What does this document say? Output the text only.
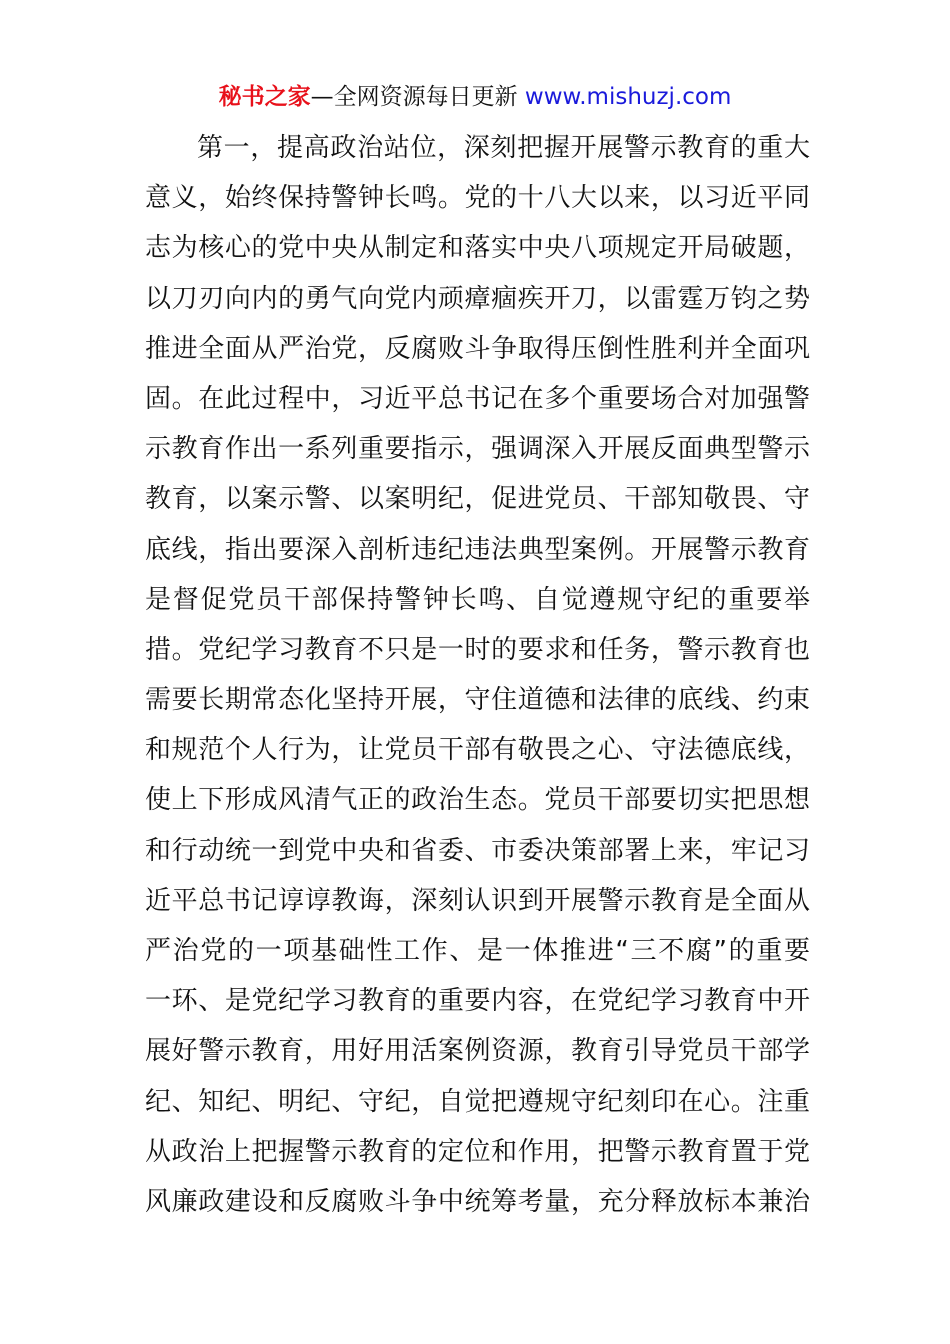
秘书之家—全网资源每日更新 www.mishuzj.com
第一，提高政治站位，深刻把握开展警示教育的重大
意义，始终保持警钟长鸣。党的十八大以来，以习近平同
志为核心的党中央从制定和落实中央八项规定开局破题，
以刀刃向内的勇气向党内顽瘴痼疾开刀，以雷霆万钧之势
推进全面从严治党，反腐败斗争取得压倒性胜利并全面巩
固。在此过程中，习近平总书记在多个重要场合对加强警
示教育作出一系列重要指示，强调深入开展反面典型警示
教育，以案示警、以案明纪，促进党员、干部知敬畏、守
底线，指出要深入剖析违纪违法典型案例。开展警示教育
是督促党员干部保持警钟长鸣、自觉遵规守纪的重要举
措。党纪学习教育不只是一时的要求和任务，警示教育也
需要长期常态化坚持开展，守住道德和法律的底线、约束
和规范个人行为，让党员干部有敬畏之心、守法德底线，
使上下形成风清气正的政治生态。党员干部要切实把思想
和行动统一到党中央和省委、市委决策部署上来，牢记习
近平总书记谆谆教诲，深刻认识到开展警示教育是全面从
严治党的一项基础性工作、是一体推进“三不腐”的重要
一环、是党纪学习教育的重要内容，在党纪学习教育中开
展好警示教育，用好用活案例资源，教育引导党员干部学
纪、知纪、明纪、守纪，自觉把遵规守纪刻印在心。注重
从政治上把握警示教育的定位和作用，把警示教育置于党
风廉政建设和反腐败斗争中统筹考量，充分释放标本兼治
